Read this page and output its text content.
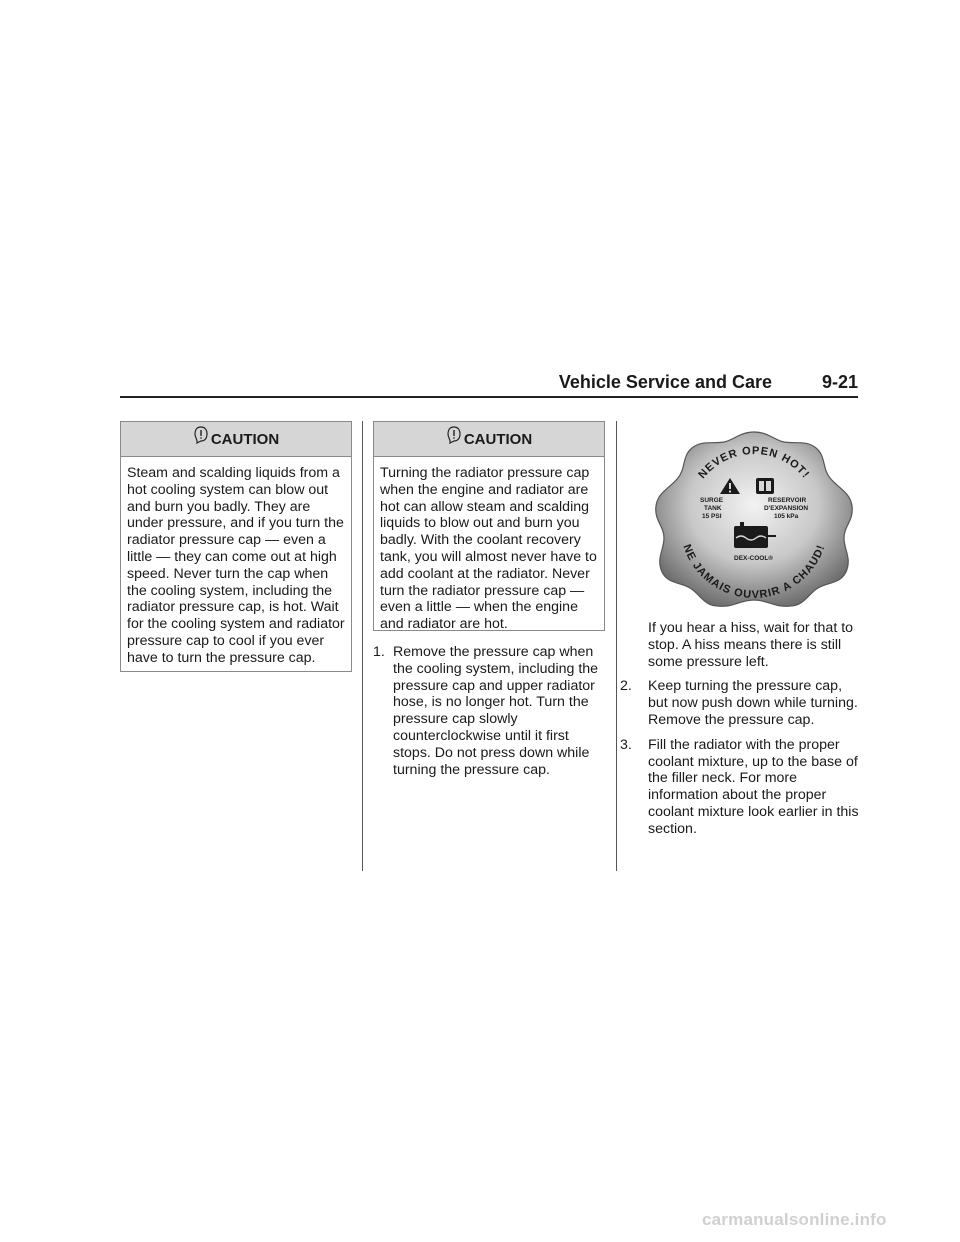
Vehicle Service and Care	9-21
CAUTION
Steam and scalding liquids from a hot cooling system can blow out and burn you badly. They are under pressure, and if you turn the radiator pressure cap — even a little — they can come out at high speed. Never turn the cap when the cooling system, including the radiator pressure cap, is hot. Wait for the cooling system and radiator pressure cap to cool if you ever have to turn the pressure cap.
CAUTION
Turning the radiator pressure cap when the engine and radiator are hot can allow steam and scalding liquids to blow out and burn you badly. With the coolant recovery tank, you will almost never have to add coolant at the radiator. Never turn the radiator pressure cap — even a little — when the engine and radiator are hot.
1. Remove the pressure cap when the cooling system, including the pressure cap and upper radiator hose, is no longer hot. Turn the pressure cap slowly counterclockwise until it first stops. Do not press down while turning the pressure cap.
NEVER OPEN HOT!
NE JAMAIS OUVRIR A CHAUD!
SURGE
TANK
15 PSI
RESERVOIR
D'EXPANSION
105 kPa
DEX-COOL®
If you hear a hiss, wait for that to stop. A hiss means there is still some pressure left.
2. Keep turning the pressure cap, but now push down while turning. Remove the pressure cap.
3. Fill the radiator with the proper coolant mixture, up to the base of the filler neck. For more information about the proper coolant mixture look earlier in this section.
carmanualsonline.info
